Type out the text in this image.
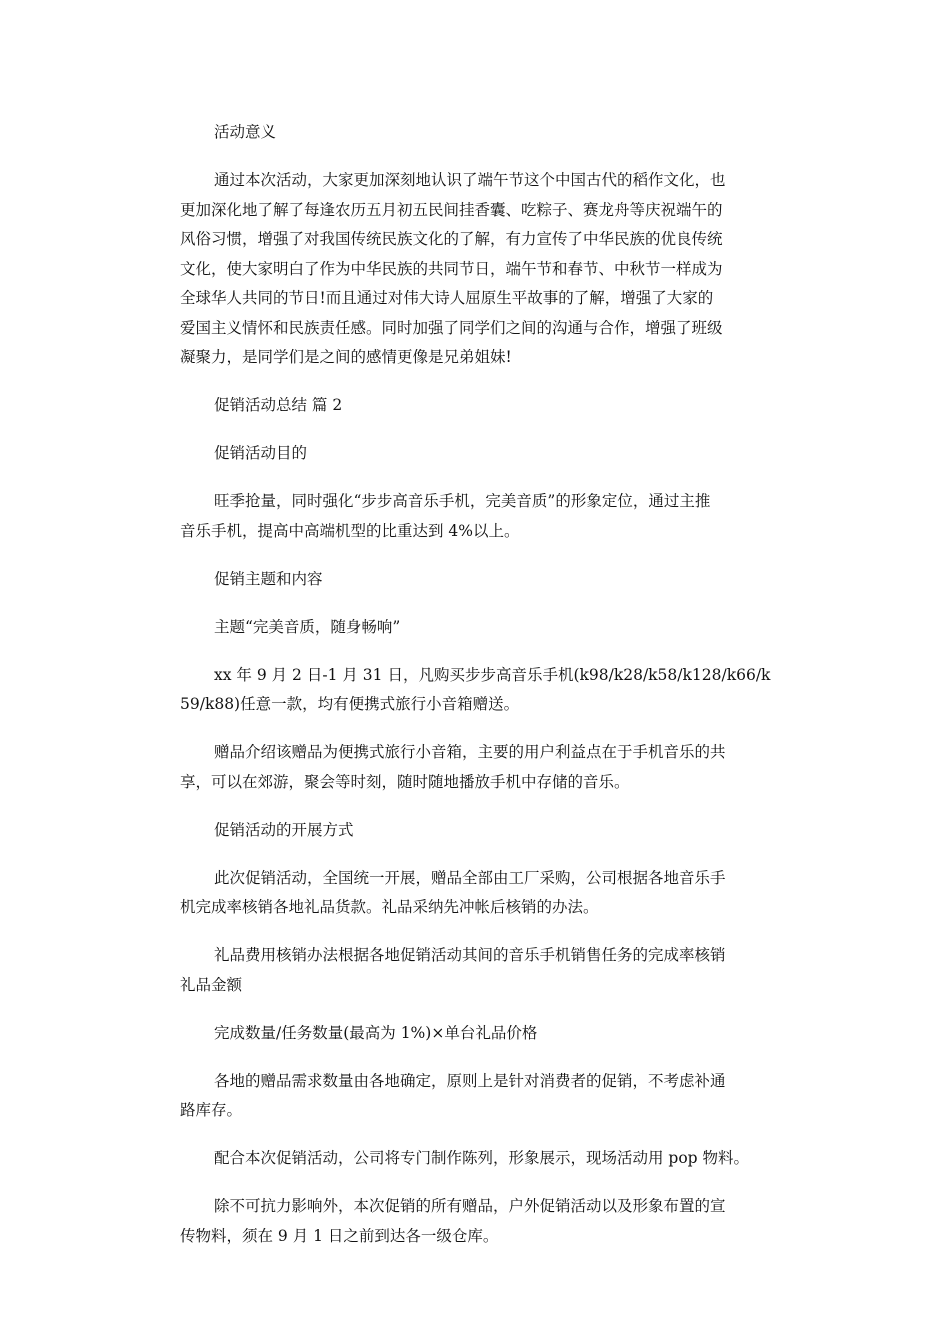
活动意义

通过本次活动，大家更加深刻地认识了端午节这个中国古代的稻作文化，也
更加深化地了解了每逢农历五月初五民间挂香囊、吃粽子、赛龙舟等庆祝端午的
风俗习惯，增强了对我国传统民族文化的了解，有力宣传了中华民族的优良传统
文化，使大家明白了作为中华民族的共同节日，端午节和春节、中秋节一样成为
全球华人共同的节日!而且通过对伟大诗人屈原生平故事的了解，增强了大家的
爱国主义情怀和民族责任感。同时加强了同学们之间的沟通与合作，增强了班级
凝聚力，是同学们是之间的感情更像是兄弟姐妹!

促销活动总结 篇 2

促销活动目的

旺季抢量，同时强化“步步高音乐手机，完美音质”的形象定位，通过主推
音乐手机，提高中高端机型的比重达到 4%以上。

促销主题和内容

主题“完美音质，随身畅响”

xx 年 9 月 2 日-1 月 31 日，凡购买步步高音乐手机(k98/k28/k58/k128/k66/k
59/k88)任意一款，均有便携式旅行小音箱赠送。

赠品介绍该赠品为便携式旅行小音箱，主要的用户利益点在于手机音乐的共
享，可以在郊游，聚会等时刻，随时随地播放手机中存储的音乐。

促销活动的开展方式

此次促销活动，全国统一开展，赠品全部由工厂采购，公司根据各地音乐手
机完成率核销各地礼品货款。礼品采纳先冲帐后核销的办法。

礼品费用核销办法根据各地促销活动其间的音乐手机销售任务的完成率核销
礼品金额

完成数量/任务数量(最高为 1%)×单台礼品价格

各地的赠品需求数量由各地确定，原则上是针对消费者的促销，不考虑补通
路库存。

配合本次促销活动，公司将专门制作陈列，形象展示，现场活动用 pop 物料。

除不可抗力影响外，本次促销的所有赠品，户外促销活动以及形象布置的宣
传物料，须在 9 月 1 日之前到达各一级仓库。
